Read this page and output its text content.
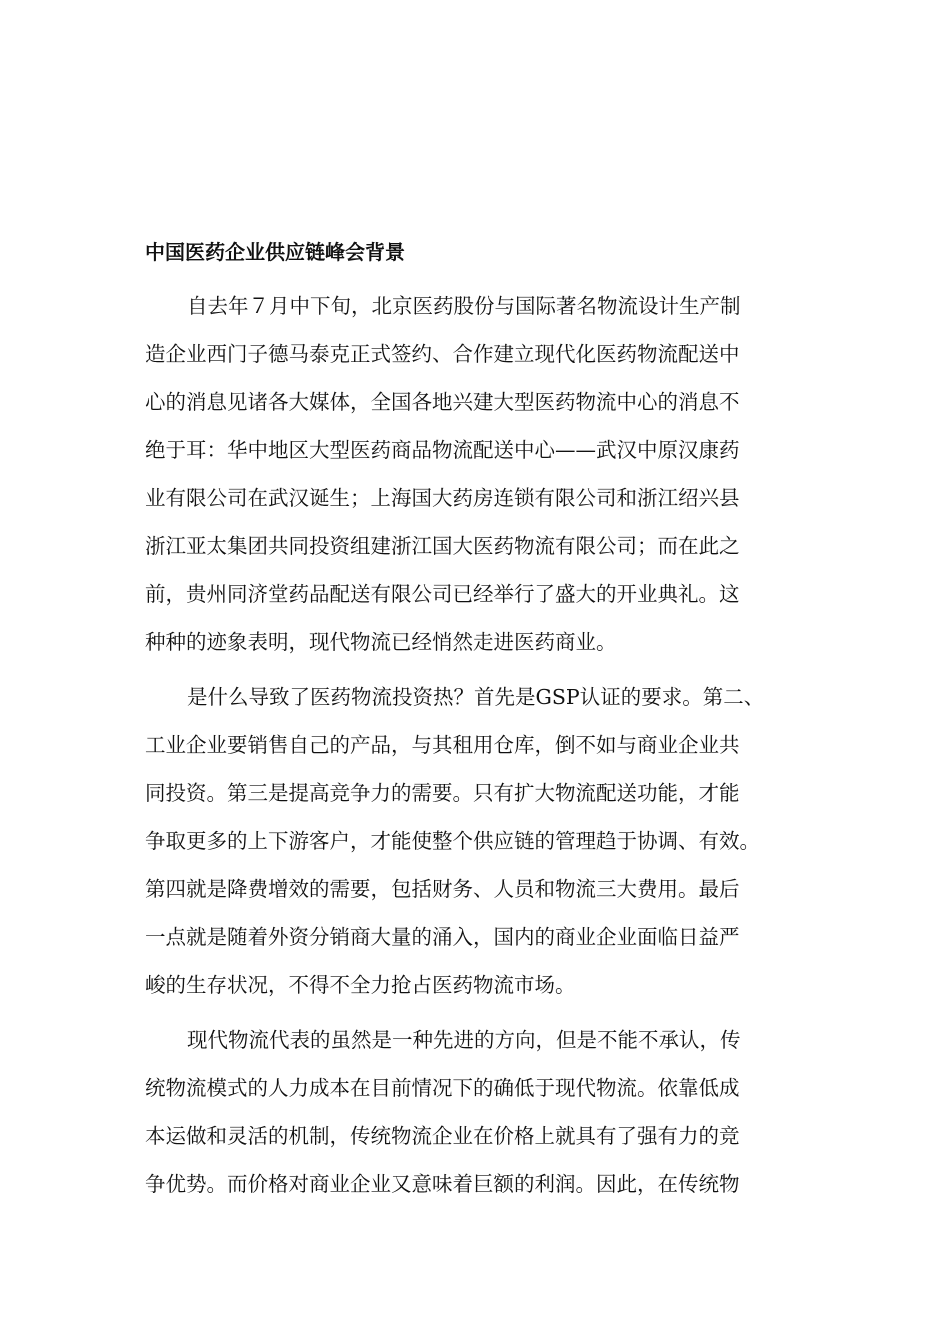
中国医药企业供应链峰会背景
自去年７月中下旬，北京医药股份与国际著名物流设计生产制
造企业西门子德马泰克正式签约、合作建立现代化医药物流配送中
心的消息见诸各大媒体，全国各地兴建大型医药物流中心的消息不
绝于耳：华中地区大型医药商品物流配送中心——武汉中原汉康药
业有限公司在武汉诞生；上海国大药房连锁有限公司和浙江绍兴县
浙江亚太集团共同投资组建浙江国大医药物流有限公司；而在此之
前，贵州同济堂药品配送有限公司已经举行了盛大的开业典礼。这
种种的迹象表明，现代物流已经悄然走进医药商业。
是什么导致了医药物流投资热？首先是GSP认证的要求。第二、
工业企业要销售自己的产品，与其租用仓库，倒不如与商业企业共
同投资。第三是提高竞争力的需要。只有扩大物流配送功能，才能
争取更多的上下游客户，才能使整个供应链的管理趋于协调、有效。
第四就是降费增效的需要，包括财务、人员和物流三大费用。最后
一点就是随着外资分销商大量的涌入，国内的商业企业面临日益严
峻的生存状况，不得不全力抢占医药物流市场。
现代物流代表的虽然是一种先进的方向，但是不能不承认，传
统物流模式的人力成本在目前情况下的确低于现代物流。依靠低成
本运做和灵活的机制，传统物流企业在价格上就具有了强有力的竞
争优势。而价格对商业企业又意味着巨额的利润。因此，在传统物
